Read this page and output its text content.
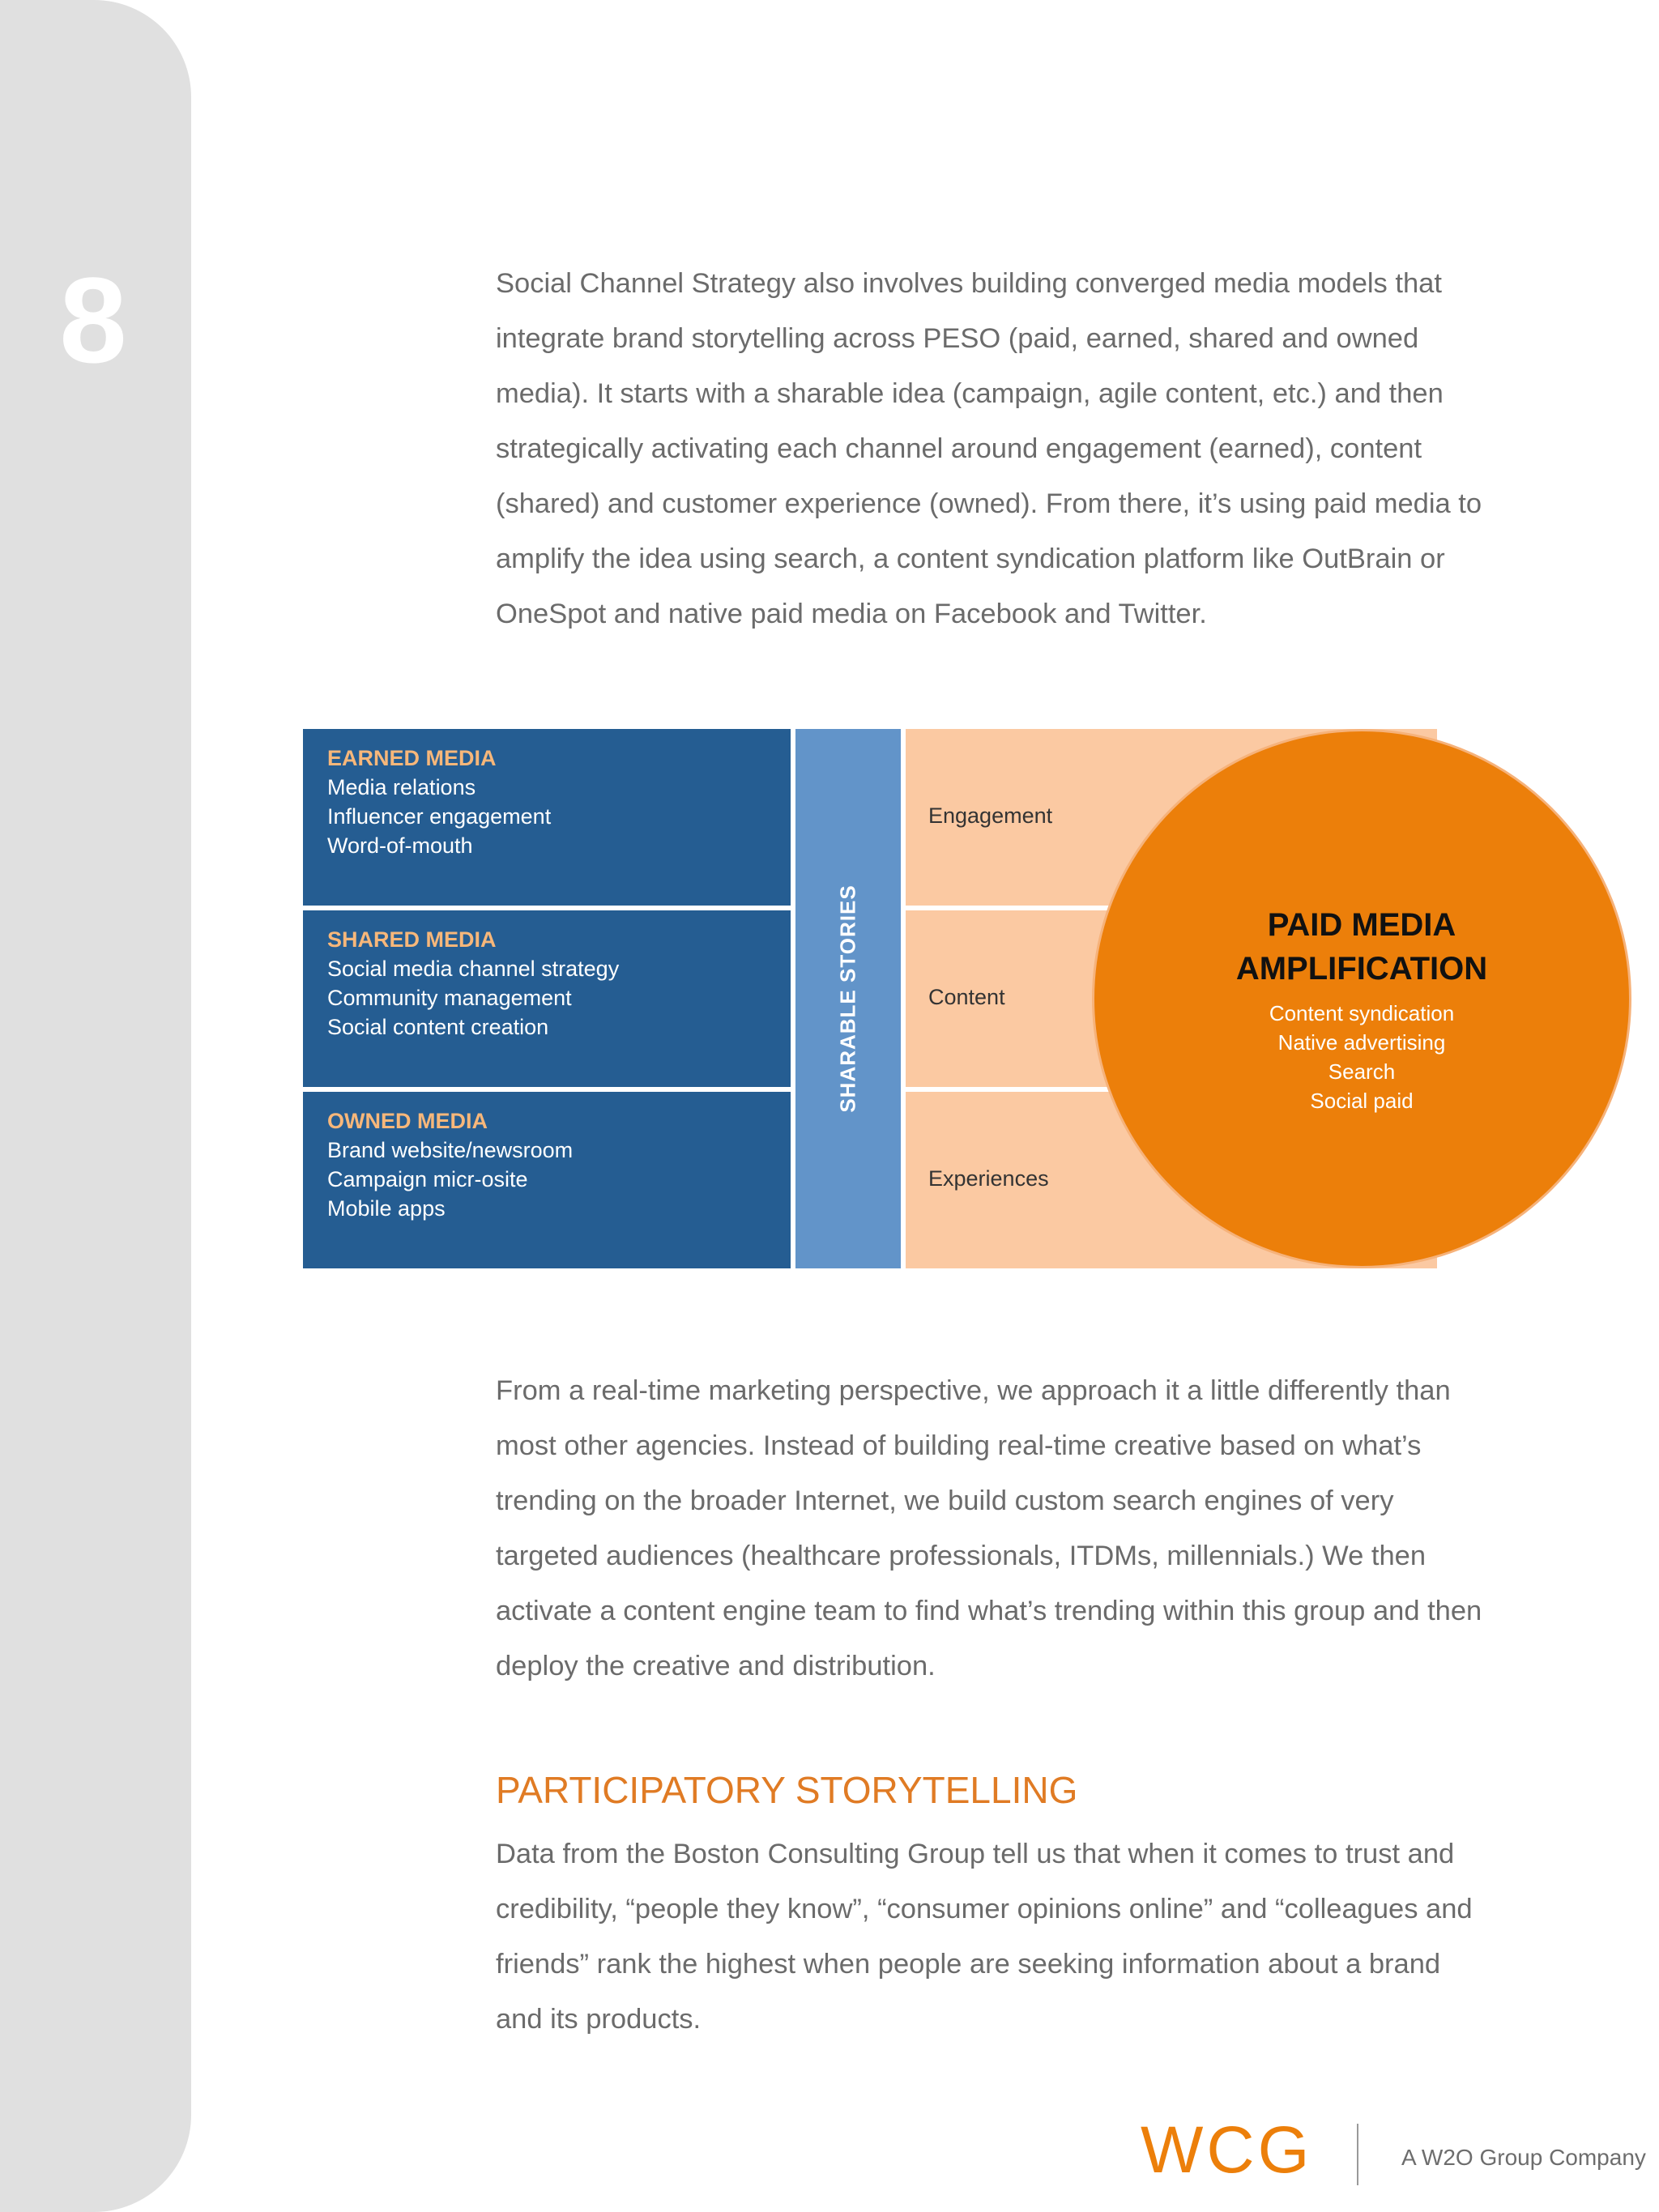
8	Social Channel Strategy also involves building converged media models that integrate brand storytelling across PESO (paid, earned, shared and owned media). It starts with a sharable idea (campaign, agile content, etc.) and then strategically activating each channel around engagement (earned), content (shared) and customer experience (owned). From there, it’s using paid media to amplify the idea using search, a content syndication platform like OutBrain or OneSpot and native paid media on Facebook and Twitter.

EARNED MEDIA
Media relations
Influencer engagement
Word-of-mouth
SHARED MEDIA
Social media channel strategy
Community management
Social content creation
OWNED MEDIA
Brand website/newsroom
Campaign micr-osite
Mobile apps
SHARABLE STORIES
Engagement
Content
Experiences
PAID MEDIA
AMPLIFICATION
Content syndication
Native advertising
Search
Social paid

From a real-time marketing perspective, we approach it a little differently than most other agencies. Instead of building real-time creative based on what’s trending on the broader Internet, we build custom search engines of very targeted audiences (healthcare professionals, ITDMs, millennials.) We then activate a content engine team to find what’s trending within this group and then deploy the creative and distribution.

PARTICIPATORY STORYTELLING

Data from the Boston Consulting Group tell us that when it comes to trust and credibility, “people they know”, “consumer opinions online” and “colleagues and friends” rank the highest when people are seeking information about a brand and its products.

WCG	A W2O Group Company
